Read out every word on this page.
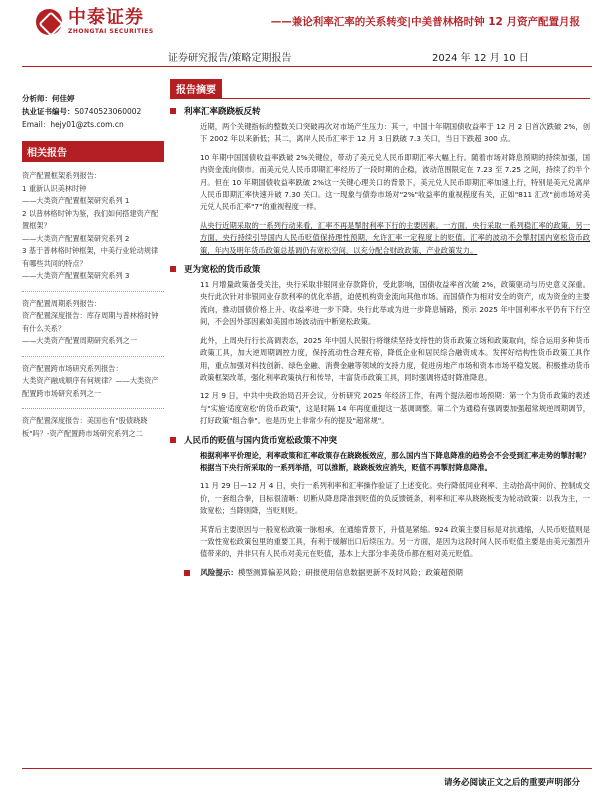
中泰证券
ZHONGTAI SECURITIES
——兼论利率汇率的关系转变|中美普林格时钟 12 月资产配置月报
证券研究报告/策略定期报告	2024 年 12 月 10 日
分析师：何佳婷
执业证书编号：S0740523060002
Email：hejy01@zts.com.cn
相关报告
资产配置框架系列报告：
1 重新认识美林时钟
——大类资产配置框架研究系列 1
2 以普林格时钟为鉴，我们如何搭建资产配置框架？
——大类资产配置框架研究系列 2
3 基于普林格时钟框架，中美行业轮动规律有哪些共同的特点？
——大类资产配置框架研究系列 3
资产配置周期系列报告：
资产配置深度报告：库存周期与普林格时钟有什么关系？
——大类资产配置周期研究系列之一
资产配置跨市场研究系列报告：
大类资产融成顺序有何规律？——大类资产配置跨市场研究系列之一
资产配置深度报告：美国也有"股债跷跷板"吗？-资产配置跨市场研究系列之二
报告摘要
利率汇率跷跷板反转

近期，两个关键指标的整数关口突破再次对市场产生压力：其一，中国十年期国债收益率于 12 月 2 日首次跌破 2%，创下 2002 年以来新低；其二，离岸人民币汇率于 12 月 3 日跌破 7.3 关口，当日下跌超 300 点。

10 年期中国国债收益率跌破 2%关键位，带动了美元兑人民币即期汇率大幅上行。随着市场对降息预期的持续加强，国内资金流向债市。而美元兑人民币即期汇率经历了一段时期的企稳，波动范围限定在 7.23 至 7.25 之间，持续了约半个月。但在 10 年期国债收益率跌破 2%这一关键心理关口的背景下，美元兑人民币即期汇率加速上行，特别是美元兑离岸人民币即期汇率快速升破 7.30 关口。这一现象与债券市场对"2%"收益率的重视程度有关，正如"811 汇改"前市场对美元兑人民币汇率"7"的重视程度一样。

从央行近期采取的一系列行动来看，汇率不再是掣肘利率下行的主要因素。一方面，央行采取一系列稳汇率的政策，另一方面，央行持续引导国内人民币贬值保持理性预期，允许汇率一定程度上的贬值。汇率的波动不会掣肘国内宽松货币政策，年内及明年货币政策总基调仍有宽松空间，以充分配合财政政策、产业政策发力。

更为宽松的货币政策

11 月增量政策备受关注，央行采取非银同业存款降价，受此影响，国债收益率首次破 2%，政策驱动与历史意义深重。央行此次针对非银同业存款利率的优化举措，迫使机构资金流向其他市场。而国债作为相对安全的资产，成为资金的主要流向，推动国债价格上升、收益率进一步下降。央行此举或为进一步降息铺路，预示 2025 年中国利率水平仍有下行空间，不会因外部因素如美国市场波动而中断宽松政策。

此外，上周央行行长高调表态，2025 年中国人民银行将继续坚持支持性的货币政策立场和政策取向，综合运用多种货币政策工具，加大逆周期调控力度，保持流动性合理充裕，降低企业和居民综合融资成本。发挥好结构性货币政策工具作用，重点加强对科技创新、绿色金融、消费金融等领域的支持力度，促进房地产市场和资本市场平稳发展。积极推动货币政策框架改革，强化利率政策执行和传导，丰富货币政策工具，同时强调将适时降准降息。

12 月 9 日，中共中央政治局召开会议，分析研究 2025 年经济工作，有两个提法超市场预期：第一个为货币政策的表述与"实施'适度宽松'的货币政策"，这是时隔 14 年再度重提这一基调调整。第二个为通稳有强调要加强超常规逆周期调节，打好政策"组合拳"。也是历史上非常少有的提及"超常规"。

人民币的贬值与国内货币宽松政策不冲突

根据利率平价理论，利率政策和汇率政策存在跷跷板效应，那么国内当下降息降准的趋势会不会受到汇率走势的掣肘呢？根据当下央行所采取的一系列举措，可以推断，跷跷板效应消失，贬值不再掣肘降息降准。

11 月 29 日—12 月 4 日，央行一系列利率和汇率操作验证了上述变化。央行降低同业利率、主动抬高中间价、控制成交价，一套组合拳，目标很清晰：切断从降息降准到贬值的负反馈链条，利率和汇率从跷跷板变为轮动政策：以我为主，一致宽松；当降则降，当贬则贬。

其背后主要原因与一般宽松政策一脉相承，在通缩背景下，升值是紧缩。924 政策主要目标是对抗通缩，人民币贬值则是一致性宽松政策包里的重要工具，有利于缓解出口后续压力。另一方面，是因为这段时间人民币贬值主要是由美元强烈升值带来的，并非只有人民币对美元在贬值，基本上大部分非美货币都在相对美元贬值。

风险提示：模型测算偏差风险；研报使用信息数据更新不及时风险；政策超预期
请务必阅读正文之后的重要声明部分
